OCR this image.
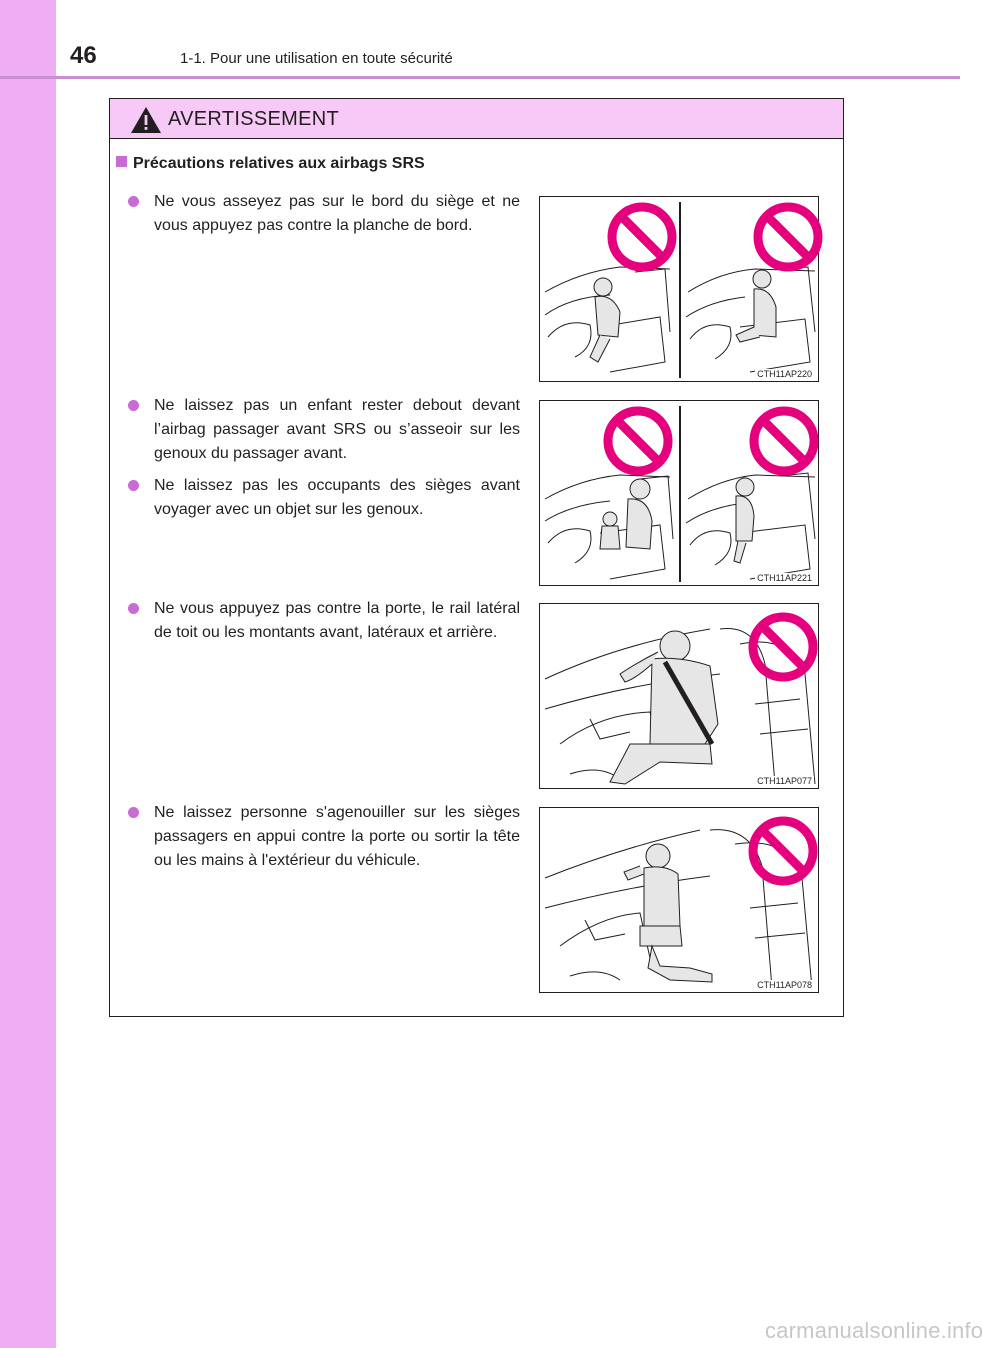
46	1-1. Pour une utilisation en toute sécurité
AVERTISSEMENT
Précautions relatives aux airbags SRS
Ne vous asseyez pas sur le bord du siège et ne vous appuyez pas contre la planche de bord.
Ne laissez pas un enfant rester debout devant l’airbag passager avant SRS ou s’asseoir sur les genoux du passager avant.
Ne laissez pas les occupants des sièges avant voyager avec un objet sur les genoux.
Ne vous appuyez pas contre la porte, le rail latéral de toit ou les montants avant, latéraux et arrière.
Ne laissez personne s'agenouiller sur les sièges passagers en appui contre la porte ou sortir la tête ou les mains à l'extérieur du véhicule.
CTH11AP220
CTH11AP221
CTH11AP077
CTH11AP078
carmanualsonline.info
